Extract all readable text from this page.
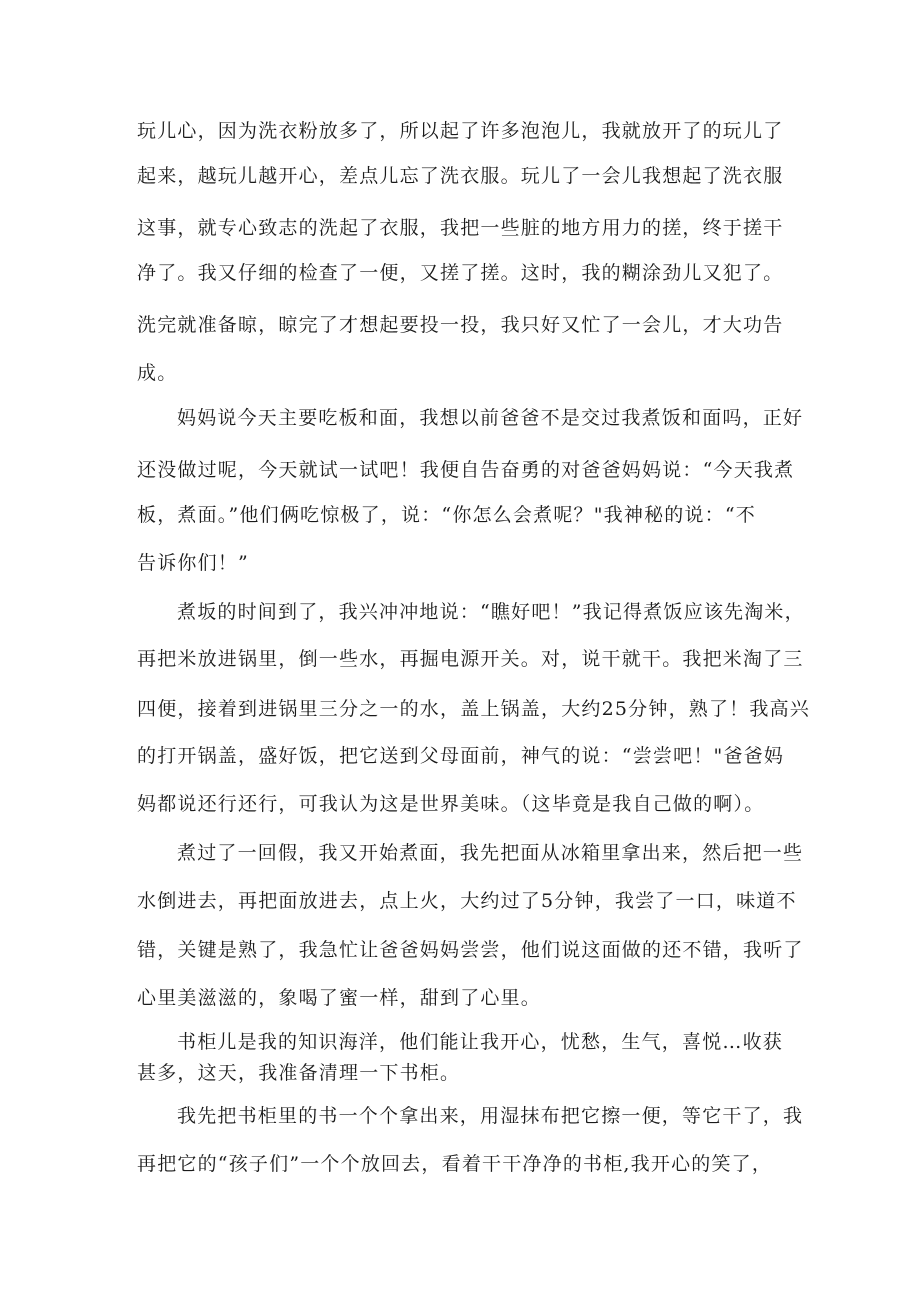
玩儿心，因为洗衣粉放多了，所以起了许多泡泡儿，我就放开了的玩儿了
起来，越玩儿越开心，差点儿忘了洗衣服。玩儿了一会儿我想起了洗衣服
这事，就专心致志的洗起了衣服，我把一些脏的地方用力的搓，终于搓干
净了。我又仔细的检查了一便，又搓了搓。这时，我的糊涂劲儿又犯了。
洗完就准备晾，晾完了才想起要投一投，我只好又忙了一会儿，才大功告
成。
妈妈说今天主要吃板和面，我想以前爸爸不是交过我煮饭和面吗，正好
还没做过呢，今天就试一试吧！我便自告奋勇的对爸爸妈妈说：“今天我煮
板，煮面。”他们俩吃惊极了，说：“你怎么会煮呢？"我神秘的说：“不
告诉你们！”
煮坂的时间到了，我兴冲冲地说：“瞧好吧！”我记得煮饭应该先淘米，
再把米放进锅里，倒一些水，再掘电源开关。对，说干就干。我把米淘了三
四便，接着到进锅里三分之一的水，盖上锅盖，大约25分钟，熟了！我高兴
的打开锅盖，盛好饭，把它送到父母面前，神气的说：“尝尝吧！"爸爸妈
妈都说还行还行，可我认为这是世界美味。（这毕竟是我自己做的啊）。
煮过了一回假，我又开始煮面，我先把面从冰箱里拿出来，然后把一些
水倒进去，再把面放进去，点上火，大约过了5分钟，我尝了一口，味道不
错，关键是熟了，我急忙让爸爸妈妈尝尝，他们说这面做的还不错，我听了
心里美滋滋的，象喝了蜜一样，甜到了心里。
书柜儿是我的知识海洋，他们能让我开心，忧愁，生气，喜悦…收获
甚多，这天，我准备清理一下书柜。
我先把书柜里的书一个个拿出来，用湿抹布把它擦一便，等它干了，我
再把它的“孩子们”一个个放回去，看着干干净净的书柜,我开心的笑了，
